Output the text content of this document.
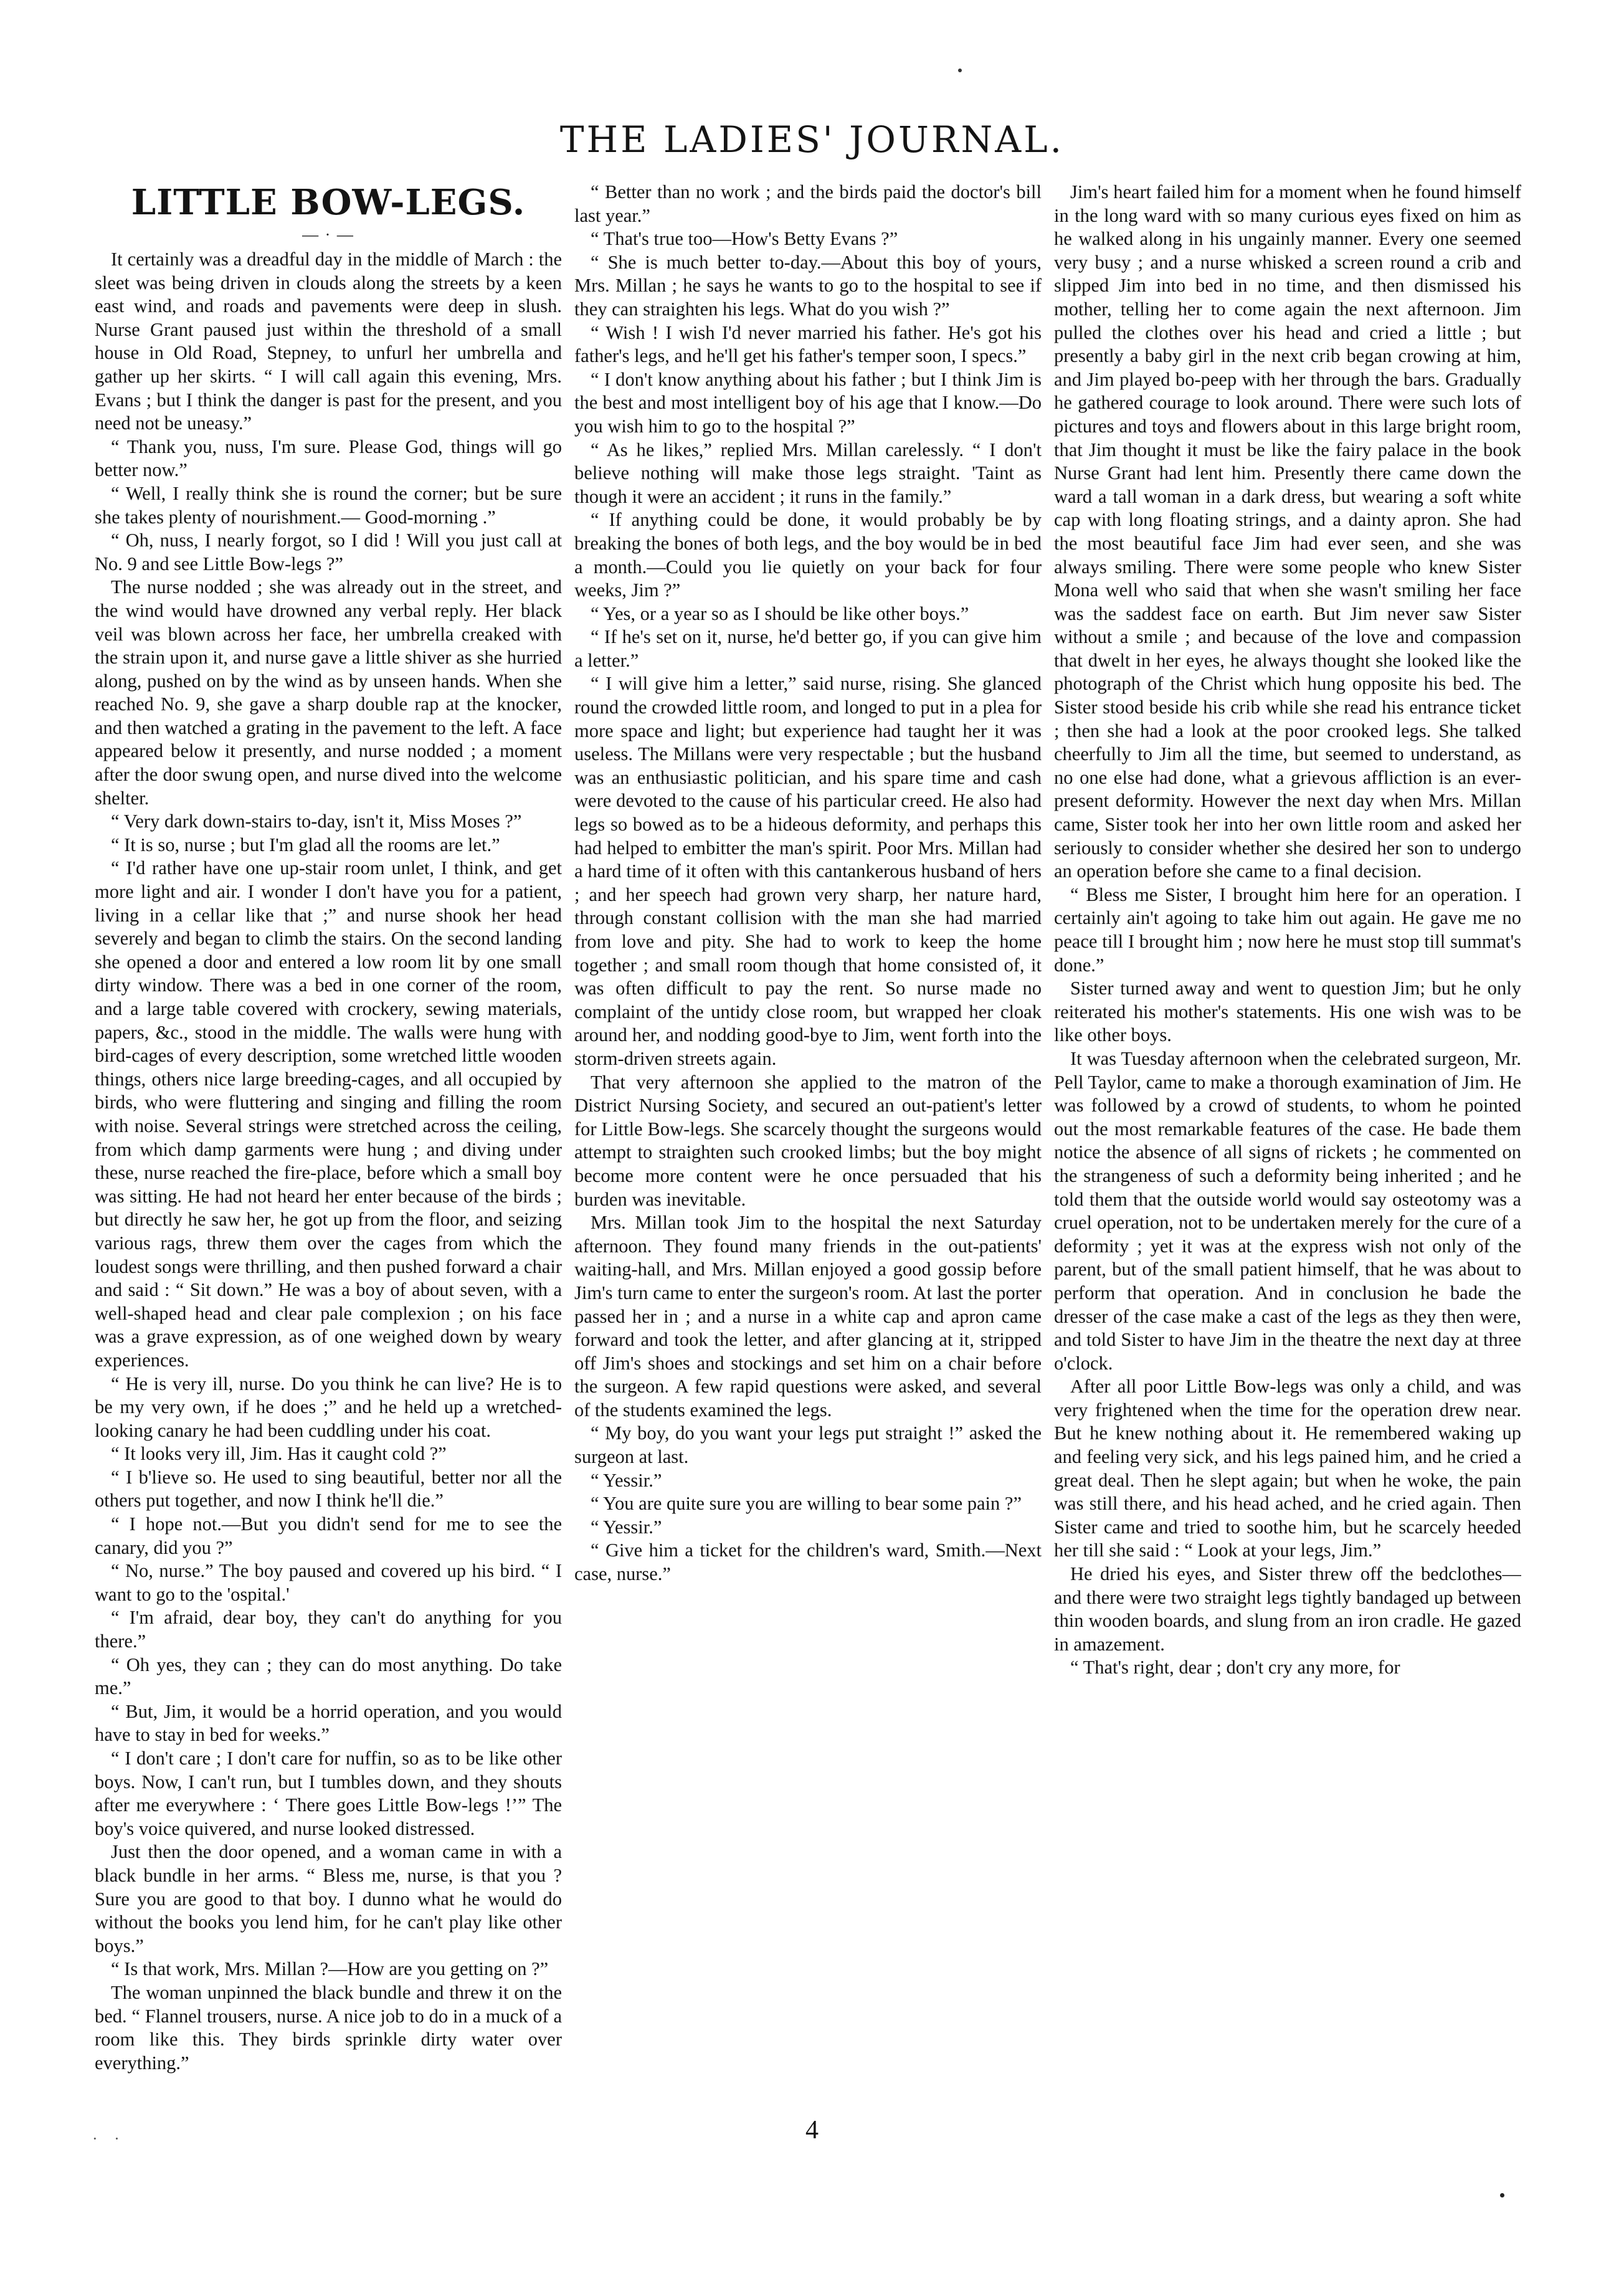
THE LADIES' JOURNAL.
LITTLE BOW-LEGS.
— · —

It certainly was a dreadful day in the middle of March : the sleet was being driven in clouds along the streets by a keen east wind, and roads and pavements were deep in slush. Nurse Grant paused just within the threshold of a small house in Old Road, Stepney, to unfurl her umbrella and gather up her skirts. “ I will call again this evening, Mrs. Evans ; but I think the danger is past for the present, and you need not be uneasy.”

“ Thank you, nuss, I'm sure. Please God, things will go better now.”

“ Well, I really think she is round the corner; but be sure she takes plenty of nourishment.— Good-morning .”

“ Oh, nuss, I nearly forgot, so I did ! Will you just call at No. 9 and see Little Bow-legs ?”

The nurse nodded ; she was already out in the street, and the wind would have drowned any verbal reply. Her black veil was blown across her face, her umbrella creaked with the strain upon it, and nurse gave a little shiver as she hurried along, pushed on by the wind as by unseen hands. When she reached No. 9, she gave a sharp double rap at the knocker, and then watched a grating in the pavement to the left. A face appeared below it presently, and nurse nodded ; a moment after the door swung open, and nurse dived into the welcome shelter.

“ Very dark down-stairs to-day, isn't it, Miss Moses ?”

“ It is so, nurse ; but I'm glad all the rooms are let.”

“ I'd rather have one up-stair room unlet, I think, and get more light and air. I wonder I don't have you for a patient, living in a cellar like that ;” and nurse shook her head severely and began to climb the stairs. On the second landing she opened a door and entered a low room lit by one small dirty window. There was a bed in one corner of the room, and a large table covered with crockery, sewing materials, papers, &c., stood in the middle. The walls were hung with bird-cages of every description, some wretched little wooden things, others nice large breeding-cages, and all occupied by birds, who were fluttering and singing and filling the room with noise. Several strings were stretched across the ceiling, from which damp garments were hung ; and diving under these, nurse reached the fire-place, before which a small boy was sitting. He had not heard her enter because of the birds ; but directly he saw her, he got up from the floor, and seizing various rags, threw them over the cages from which the loudest songs were thrilling, and then pushed forward a chair and said : “ Sit down.” He was a boy of about seven, with a well-shaped head and clear pale complexion ; on his face was a grave expression, as of one weighed down by weary experiences.

“ He is very ill, nurse. Do you think he can live? He is to be my very own, if he does ;” and he held up a wretched-looking canary he had been cuddling under his coat.

“ It looks very ill, Jim. Has it caught cold ?”

“ I b'lieve so. He used to sing beautiful, better nor all the others put together, and now I think he'll die.”

“ I hope not.—But you didn't send for me to see the canary, did you ?”

“ No, nurse.” The boy paused and covered up his bird. “ I want to go to the 'ospital.'

“ I'm afraid, dear boy, they can't do anything for you there.”

“ Oh yes, they can ; they can do most anything. Do take me.”

“ But, Jim, it would be a horrid operation, and you would have to stay in bed for weeks.”

“ I don't care ; I don't care for nuffin, so as to be like other boys. Now, I can't run, but I tumbles down, and they shouts after me everywhere : ‘ There goes Little Bow-legs !’” The boy's voice quivered, and nurse looked distressed.

Just then the door opened, and a woman came in with a black bundle in her arms. “ Bless me, nurse, is that you ? Sure you are good to that boy. I dunno what he would do without the books you lend him, for he can't play like other boys.”

“ Is that work, Mrs. Millan ?—How are you getting on ?”

The woman unpinned the black bundle and threw it on the bed. “ Flannel trousers, nurse. A nice job to do in a muck of a room like this. They birds sprinkle dirty water over everything.”

“ Better than no work ; and the birds paid the doctor's bill last year.”

“ That's true too—How's Betty Evans ?”

“ She is much better to-day.—About this boy of yours, Mrs. Millan ; he says he wants to go to the hospital to see if they can straighten his legs. What do you wish ?”

“ Wish ! I wish I'd never married his father. He's got his father's legs, and he'll get his father's temper soon, I specs.”

“ I don't know anything about his father ; but I think Jim is the best and most intelligent boy of his age that I know.—Do you wish him to go to the hospital ?”

“ As he likes,” replied Mrs. Millan carelessly. “ I don't believe nothing will make those legs straight. 'Taint as though it were an accident ; it runs in the family.”

“ If anything could be done, it would probably be by breaking the bones of both legs, and the boy would be in bed a month.—Could you lie quietly on your back for four weeks, Jim ?”

“ Yes, or a year so as I should be like other boys.”

“ If he's set on it, nurse, he'd better go, if you can give him a letter.”

“ I will give him a letter,” said nurse, rising. She glanced round the crowded little room, and longed to put in a plea for more space and light; but experience had taught her it was useless. The Millans were very respectable ; but the husband was an enthusiastic politician, and his spare time and cash were devoted to the cause of his particular creed. He also had legs so bowed as to be a hideous deformity, and perhaps this had helped to embitter the man's spirit. Poor Mrs. Millan had a hard time of it often with this cantankerous husband of hers ; and her speech had grown very sharp, her nature hard, through constant collision with the man she had married from love and pity. She had to work to keep the home together ; and small room though that home consisted of, it was often difficult to pay the rent. So nurse made no complaint of the untidy close room, but wrapped her cloak around her, and nodding good-bye to Jim, went forth into the storm-driven streets again.

That very afternoon she applied to the matron of the District Nursing Society, and secured an out-patient's letter for Little Bow-legs. She scarcely thought the surgeons would attempt to straighten such crooked limbs; but the boy might become more content were he once persuaded that his burden was inevitable.

Mrs. Millan took Jim to the hospital the next Saturday afternoon. They found many friends in the out-patients' waiting-hall, and Mrs. Millan enjoyed a good gossip before Jim's turn came to enter the surgeon's room. At last the porter passed her in ; and a nurse in a white cap and apron came forward and took the letter, and after glancing at it, stripped off Jim's shoes and stockings and set him on a chair before the surgeon. A few rapid questions were asked, and several of the students examined the legs.

“ My boy, do you want your legs put straight !” asked the surgeon at last.

“ Yessir.”

“ You are quite sure you are willing to bear some pain ?”

“ Yessir.”

“ Give him a ticket for the children's ward, Smith.—Next case, nurse.”

Jim's heart failed him for a moment when he found himself in the long ward with so many curious eyes fixed on him as he walked along in his ungainly manner. Every one seemed very busy ; and a nurse whisked a screen round a crib and slipped Jim into bed in no time, and then dismissed his mother, telling her to come again the next afternoon. Jim pulled the clothes over his head and cried a little ; but presently a baby girl in the next crib began crowing at him, and Jim played bo-peep with her through the bars. Gradually he gathered courage to look around. There were such lots of pictures and toys and flowers about in this large bright room, that Jim thought it must be like the fairy palace in the book Nurse Grant had lent him. Presently there came down the ward a tall woman in a dark dress, but wearing a soft white cap with long floating strings, and a dainty apron. She had the most beautiful face Jim had ever seen, and she was always smiling. There were some people who knew Sister Mona well who said that when she wasn't smiling her face was the saddest face on earth. But Jim never saw Sister without a smile ; and because of the love and compassion that dwelt in her eyes, he always thought she looked like the photograph of the Christ which hung opposite his bed. The Sister stood beside his crib while she read his entrance ticket ; then she had a look at the poor crooked legs. She talked cheerfully to Jim all the time, but seemed to understand, as no one else had done, what a grievous affliction is an ever-present deformity. However the next day when Mrs. Millan came, Sister took her into her own little room and asked her seriously to consider whether she desired her son to undergo an operation before she came to a final decision.

“ Bless me Sister, I brought him here for an operation. I certainly ain't agoing to take him out again. He gave me no peace till I brought him ; now here he must stop till summat's done.”

Sister turned away and went to question Jim; but he only reiterated his mother's statements. His one wish was to be like other boys.

It was Tuesday afternoon when the celebrated surgeon, Mr. Pell Taylor, came to make a thorough examination of Jim. He was followed by a crowd of students, to whom he pointed out the most remarkable features of the case. He bade them notice the absence of all signs of rickets ; he commented on the strangeness of such a deformity being inherited ; and he told them that the outside world would say osteotomy was a cruel operation, not to be undertaken merely for the cure of a deformity ; yet it was at the express wish not only of the parent, but of the small patient himself, that he was about to perform that operation. And in conclusion he bade the dresser of the case make a cast of the legs as they then were, and told Sister to have Jim in the theatre the next day at three o'clock.

After all poor Little Bow-legs was only a child, and was very frightened when the time for the operation drew near. But he knew nothing about it. He remembered waking up and feeling very sick, and his legs pained him, and he cried a great deal. Then he slept again; but when he woke, the pain was still there, and his head ached, and he cried again. Then Sister came and tried to soothe him, but he scarcely heeded her till she said : “ Look at your legs, Jim.”

He dried his eyes, and Sister threw off the bedclothes—and there were two straight legs tightly bandaged up between thin wooden boards, and slung from an iron cradle. He gazed in amazement.

“ That's right, dear ; don't cry any more, for

· ·	4
